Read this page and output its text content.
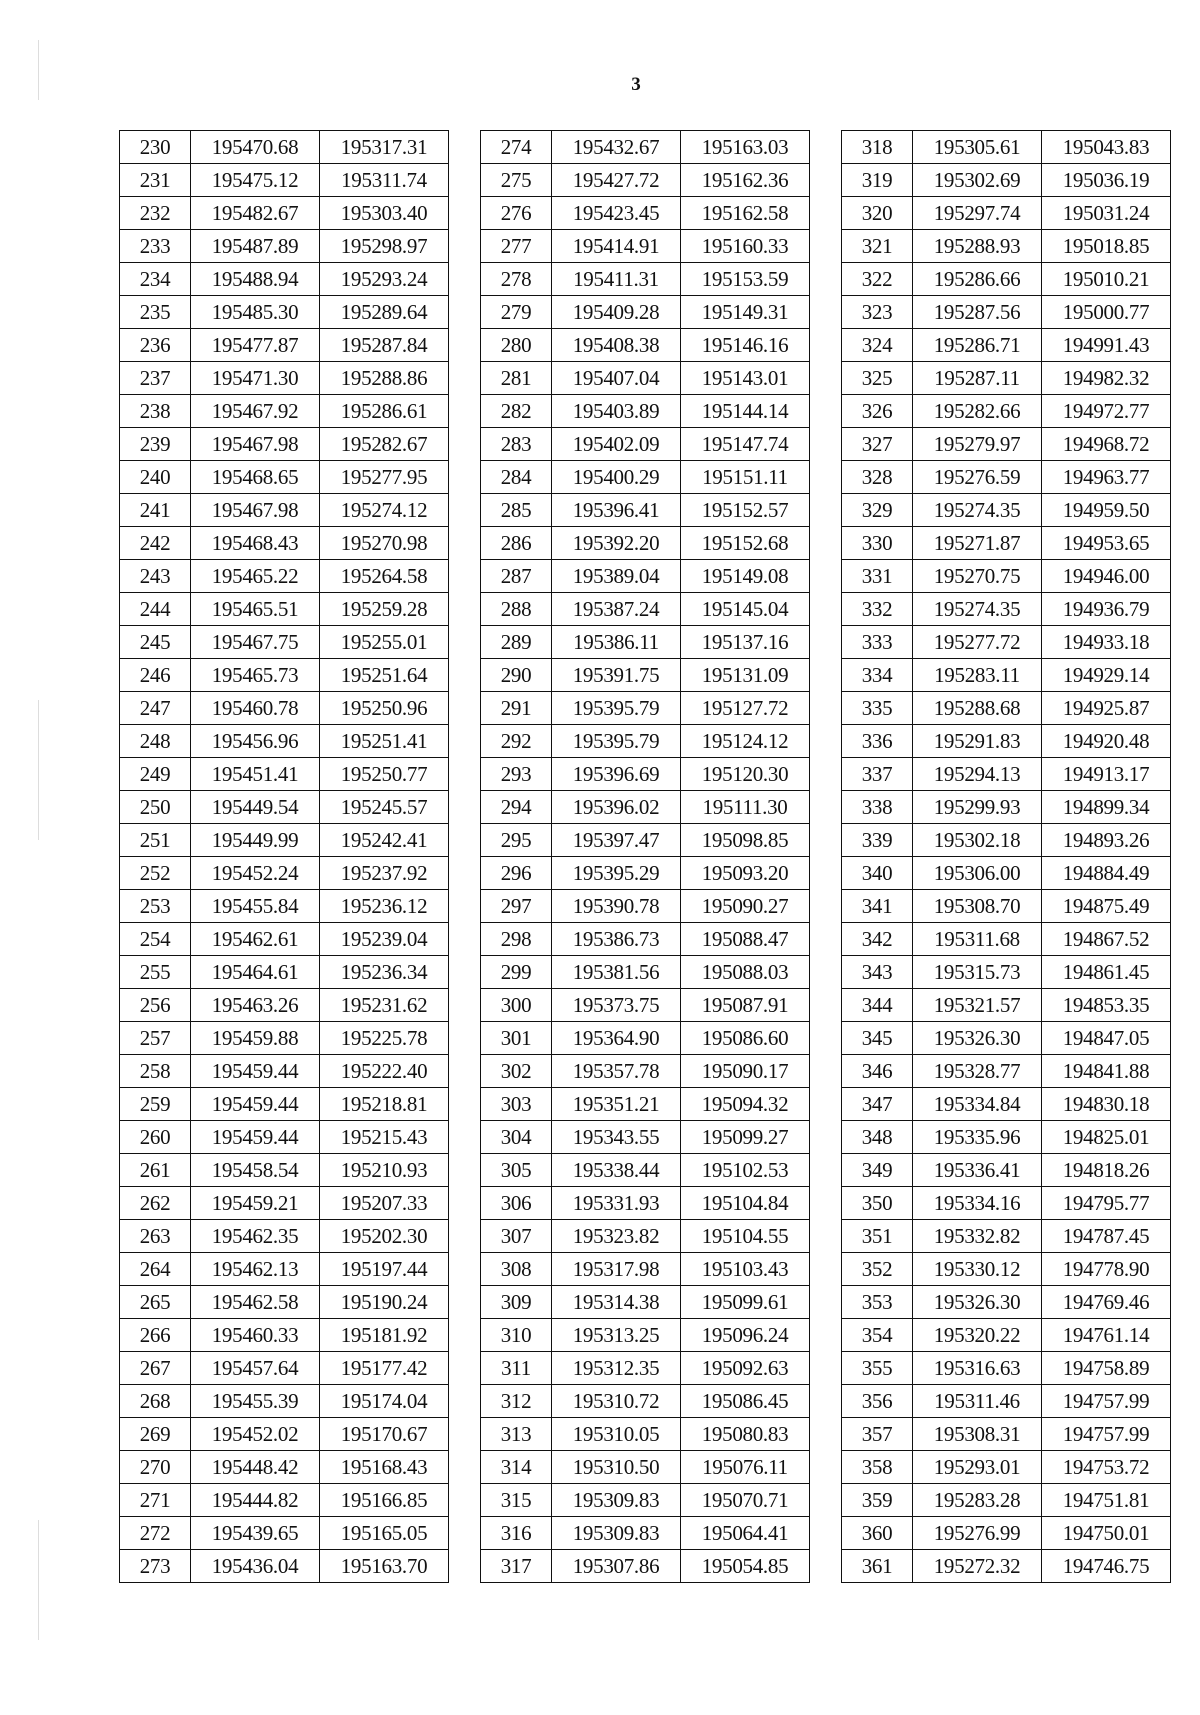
3
230	195470.68	195317.31
231	195475.12	195311.74
232	195482.67	195303.40
233	195487.89	195298.97
234	195488.94	195293.24
235	195485.30	195289.64
236	195477.87	195287.84
237	195471.30	195288.86
238	195467.92	195286.61
239	195467.98	195282.67
240	195468.65	195277.95
241	195467.98	195274.12
242	195468.43	195270.98
243	195465.22	195264.58
244	195465.51	195259.28
245	195467.75	195255.01
246	195465.73	195251.64
247	195460.78	195250.96
248	195456.96	195251.41
249	195451.41	195250.77
250	195449.54	195245.57
251	195449.99	195242.41
252	195452.24	195237.92
253	195455.84	195236.12
254	195462.61	195239.04
255	195464.61	195236.34
256	195463.26	195231.62
257	195459.88	195225.78
258	195459.44	195222.40
259	195459.44	195218.81
260	195459.44	195215.43
261	195458.54	195210.93
262	195459.21	195207.33
263	195462.35	195202.30
264	195462.13	195197.44
265	195462.58	195190.24
266	195460.33	195181.92
267	195457.64	195177.42
268	195455.39	195174.04
269	195452.02	195170.67
270	195448.42	195168.43
271	195444.82	195166.85
272	195439.65	195165.05
273	195436.04	195163.70
274	195432.67	195163.03
275	195427.72	195162.36
276	195423.45	195162.58
277	195414.91	195160.33
278	195411.31	195153.59
279	195409.28	195149.31
280	195408.38	195146.16
281	195407.04	195143.01
282	195403.89	195144.14
283	195402.09	195147.74
284	195400.29	195151.11
285	195396.41	195152.57
286	195392.20	195152.68
287	195389.04	195149.08
288	195387.24	195145.04
289	195386.11	195137.16
290	195391.75	195131.09
291	195395.79	195127.72
292	195395.79	195124.12
293	195396.69	195120.30
294	195396.02	195111.30
295	195397.47	195098.85
296	195395.29	195093.20
297	195390.78	195090.27
298	195386.73	195088.47
299	195381.56	195088.03
300	195373.75	195087.91
301	195364.90	195086.60
302	195357.78	195090.17
303	195351.21	195094.32
304	195343.55	195099.27
305	195338.44	195102.53
306	195331.93	195104.84
307	195323.82	195104.55
308	195317.98	195103.43
309	195314.38	195099.61
310	195313.25	195096.24
311	195312.35	195092.63
312	195310.72	195086.45
313	195310.05	195080.83
314	195310.50	195076.11
315	195309.83	195070.71
316	195309.83	195064.41
317	195307.86	195054.85
318	195305.61	195043.83
319	195302.69	195036.19
320	195297.74	195031.24
321	195288.93	195018.85
322	195286.66	195010.21
323	195287.56	195000.77
324	195286.71	194991.43
325	195287.11	194982.32
326	195282.66	194972.77
327	195279.97	194968.72
328	195276.59	194963.77
329	195274.35	194959.50
330	195271.87	194953.65
331	195270.75	194946.00
332	195274.35	194936.79
333	195277.72	194933.18
334	195283.11	194929.14
335	195288.68	194925.87
336	195291.83	194920.48
337	195294.13	194913.17
338	195299.93	194899.34
339	195302.18	194893.26
340	195306.00	194884.49
341	195308.70	194875.49
342	195311.68	194867.52
343	195315.73	194861.45
344	195321.57	194853.35
345	195326.30	194847.05
346	195328.77	194841.88
347	195334.84	194830.18
348	195335.96	194825.01
349	195336.41	194818.26
350	195334.16	194795.77
351	195332.82	194787.45
352	195330.12	194778.90
353	195326.30	194769.46
354	195320.22	194761.14
355	195316.63	194758.89
356	195311.46	194757.99
357	195308.31	194757.99
358	195293.01	194753.72
359	195283.28	194751.81
360	195276.99	194750.01
361	195272.32	194746.75
